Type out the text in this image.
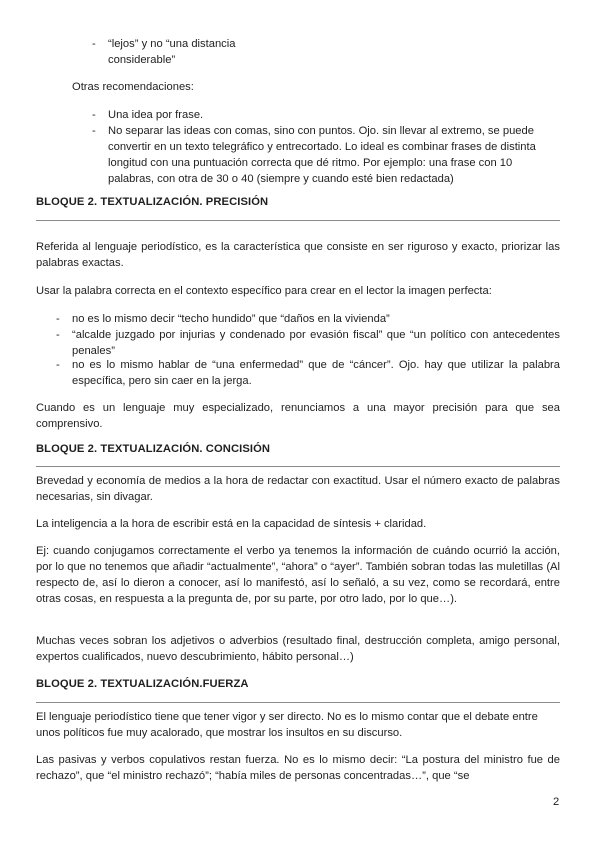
- “lejos” y no “una distancia
considerable”
Otras recomendaciones:
- Una idea por frase.
- No separar las ideas con comas, sino con puntos. Ojo. sin llevar al extremo, se puede convertir en un texto telegráfico y entrecortado. Lo ideal es combinar frases de distinta longitud con una puntuación correcta que dé ritmo. Por ejemplo: una frase con 10 palabras, con otra de 30 o 40 (siempre y cuando esté bien redactada)
BLOQUE 2. TEXTUALIZACIÓN. PRECISIÓN
Referida al lenguaje periodístico, es la característica que consiste en ser riguroso y exacto, priorizar las palabras exactas.
Usar la palabra correcta en el contexto específico para crear en el lector la imagen perfecta:
- no es lo mismo decir “techo hundido” que “daños en la vivienda”
- “alcalde juzgado por injurias y condenado por evasión fiscal” que “un político con antecedentes penales”
- no es lo mismo hablar de “una enfermedad” que de “cáncer”. Ojo. hay que utilizar la palabra específica, pero sin caer en la jerga.
Cuando es un lenguaje muy especializado, renunciamos a una mayor precisión para que sea comprensivo.
BLOQUE 2. TEXTUALIZACIÓN. CONCISIÓN
Brevedad y economía de medios a la hora de redactar con exactitud. Usar el número exacto de palabras necesarias, sin divagar.
La inteligencia a la hora de escribir está en la capacidad de síntesis + claridad.
Ej: cuando conjugamos correctamente el verbo ya tenemos la información de cuándo ocurrió la acción, por lo que no tenemos que añadir “actualmente”, “ahora” o “ayer”. También sobran todas las muletillas (Al respecto de, así lo dieron a conocer, así lo manifestó, así lo señaló, a su vez, como se recordará, entre otras cosas, en respuesta a la pregunta de, por su parte, por otro lado, por lo que…).
Muchas veces sobran los adjetivos o adverbios (resultado final, destrucción completa, amigo personal, expertos cualificados, nuevo descubrimiento, hábito personal…)
BLOQUE 2. TEXTUALIZACIÓN.FUERZA
El lenguaje periodístico tiene que tener vigor y ser directo. No es lo mismo contar que el debate entre unos políticos fue muy acalorado, que mostrar los insultos en su discurso.
Las pasivas y verbos copulativos restan fuerza. No es lo mismo decir: “La postura del ministro fue de rechazo”, que “el ministro rechazó”; “había miles de personas concentradas…”, que “se
2
